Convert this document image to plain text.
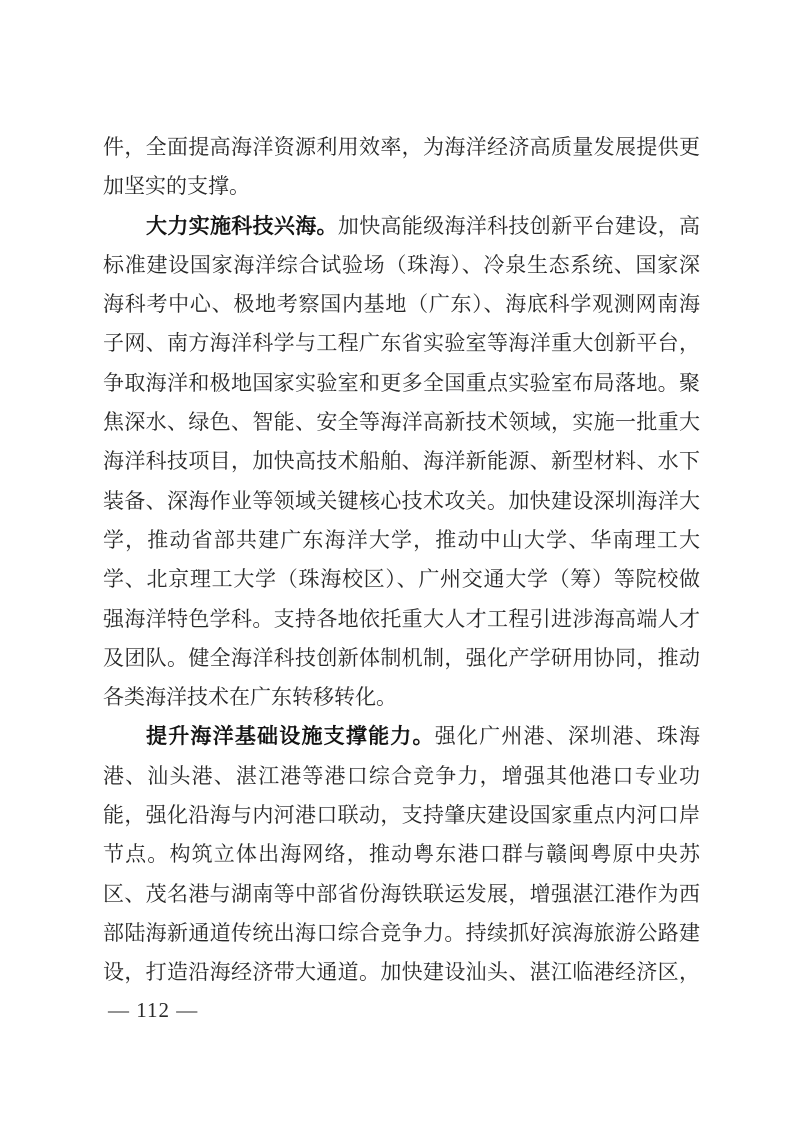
件，全面提高海洋资源利用效率，为海洋经济高质量发展提供更
加坚实的支撑。
大力实施科技兴海。加快高能级海洋科技创新平台建设，高
标准建设国家海洋综合试验场（珠海）、冷泉生态系统、国家深
海科考中心、极地考察国内基地（广东）、海底科学观测网南海
子网、南方海洋科学与工程广东省实验室等海洋重大创新平台，
争取海洋和极地国家实验室和更多全国重点实验室布局落地。聚
焦深水、绿色、智能、安全等海洋高新技术领域，实施一批重大
海洋科技项目，加快高技术船舶、海洋新能源、新型材料、水下
装备、深海作业等领域关键核心技术攻关。加快建设深圳海洋大
学，推动省部共建广东海洋大学，推动中山大学、华南理工大
学、北京理工大学（珠海校区）、广州交通大学（筹）等院校做
强海洋特色学科。支持各地依托重大人才工程引进涉海高端人才
及团队。健全海洋科技创新体制机制，强化产学研用协同，推动
各类海洋技术在广东转移转化。
提升海洋基础设施支撑能力。强化广州港、深圳港、珠海
港、汕头港、湛江港等港口综合竞争力，增强其他港口专业功
能，强化沿海与内河港口联动，支持肇庆建设国家重点内河口岸
节点。构筑立体出海网络，推动粤东港口群与赣闽粤原中央苏
区、茂名港与湖南等中部省份海铁联运发展，增强湛江港作为西
部陆海新通道传统出海口综合竞争力。持续抓好滨海旅游公路建
设，打造沿海经济带大通道。加快建设汕头、湛江临港经济区，
— 112 —
